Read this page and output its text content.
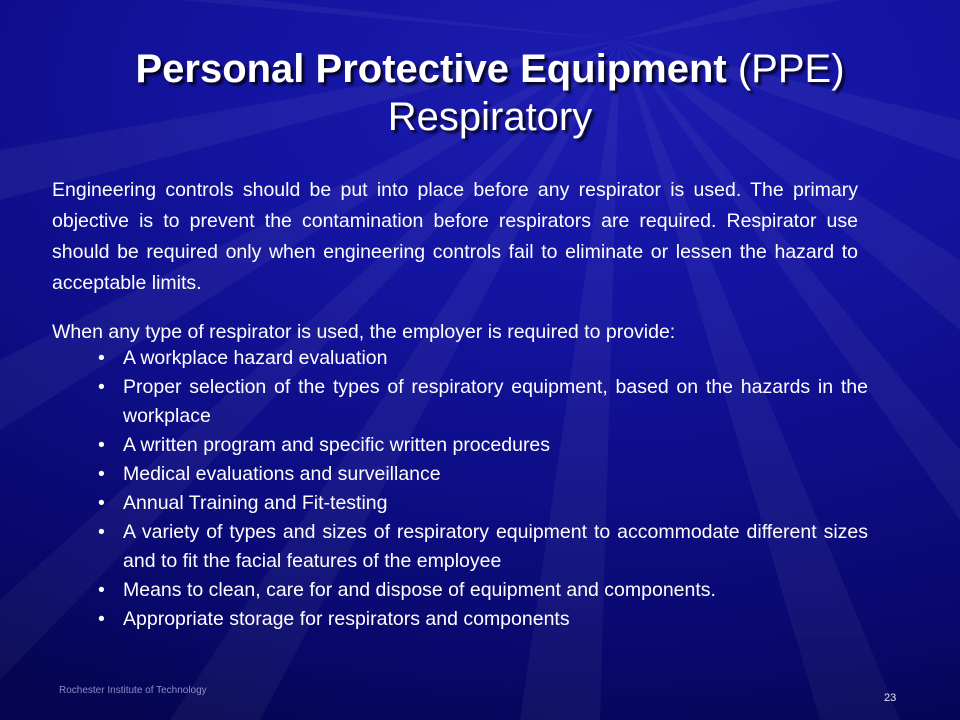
Personal Protective Equipment (PPE)
Respiratory

Engineering controls should be put into place before any respirator is used. The primary objective is to prevent the contamination before respirators are required. Respirator use should be required only when engineering controls fail to eliminate or lessen the hazard to acceptable limits.

When any type of respirator is used, the employer is required to provide:

• A workplace hazard evaluation
• Proper selection of the types of respiratory equipment, based on the hazards in the workplace
• A written program and specific written procedures
• Medical evaluations and surveillance
• Annual Training and Fit-testing
• A variety of types and sizes of respiratory equipment to accommodate different sizes and to fit the facial features of the employee
• Means to clean, care for and dispose of equipment and components.
• Appropriate storage for respirators and components
Rochester Institute of Technology
23
